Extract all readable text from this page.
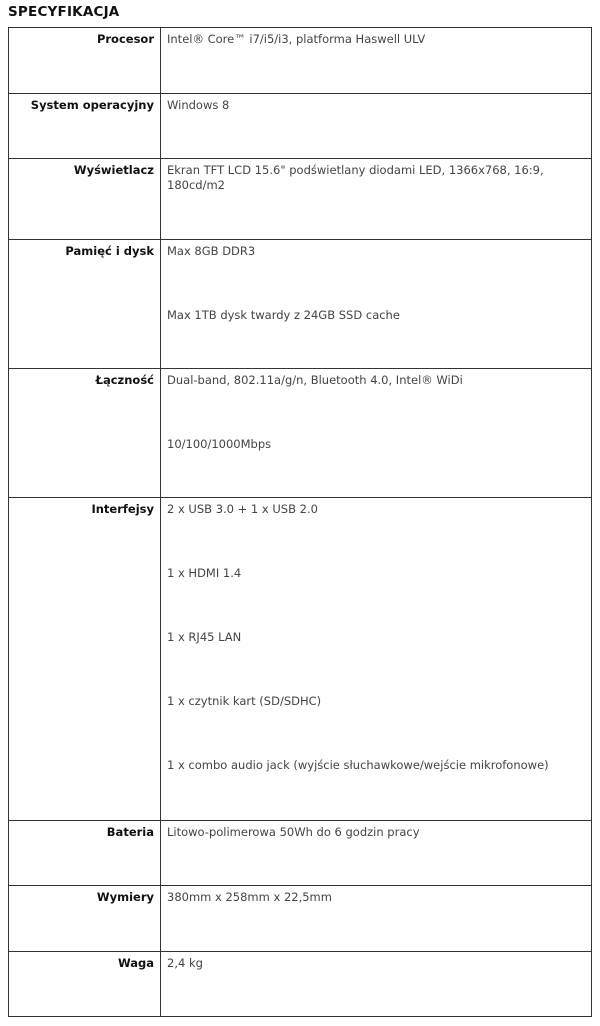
SPECYFIKACJA
Procesor	Intel® Core™ i7/i5/i3, platforma Haswell ULV

System operacyjny	Windows 8

Wyświetlacz	Ekran TFT LCD 15.6" podświetlany diodami LED, 1366x768, 16:9, 180cd/m2

Pamięć i dysk	Max 8GB DDR3
Max 1TB dysk twardy z 24GB SSD cache

Łączność	Dual-band, 802.11a/g/n, Bluetooth 4.0, Intel® WiDi
10/100/1000Mbps

Interfejsy	2 x USB 3.0 + 1 x USB 2.0
1 x HDMI 1.4
1 x RJ45 LAN
1 x czytnik kart (SD/SDHC)
1 x combo audio jack (wyjście słuchawkowe/wejście mikrofonowe)

Bateria	Litowo-polimerowa 50Wh do 6 godzin pracy

Wymiery	380mm x 258mm x 22,5mm

Waga	2,4 kg
